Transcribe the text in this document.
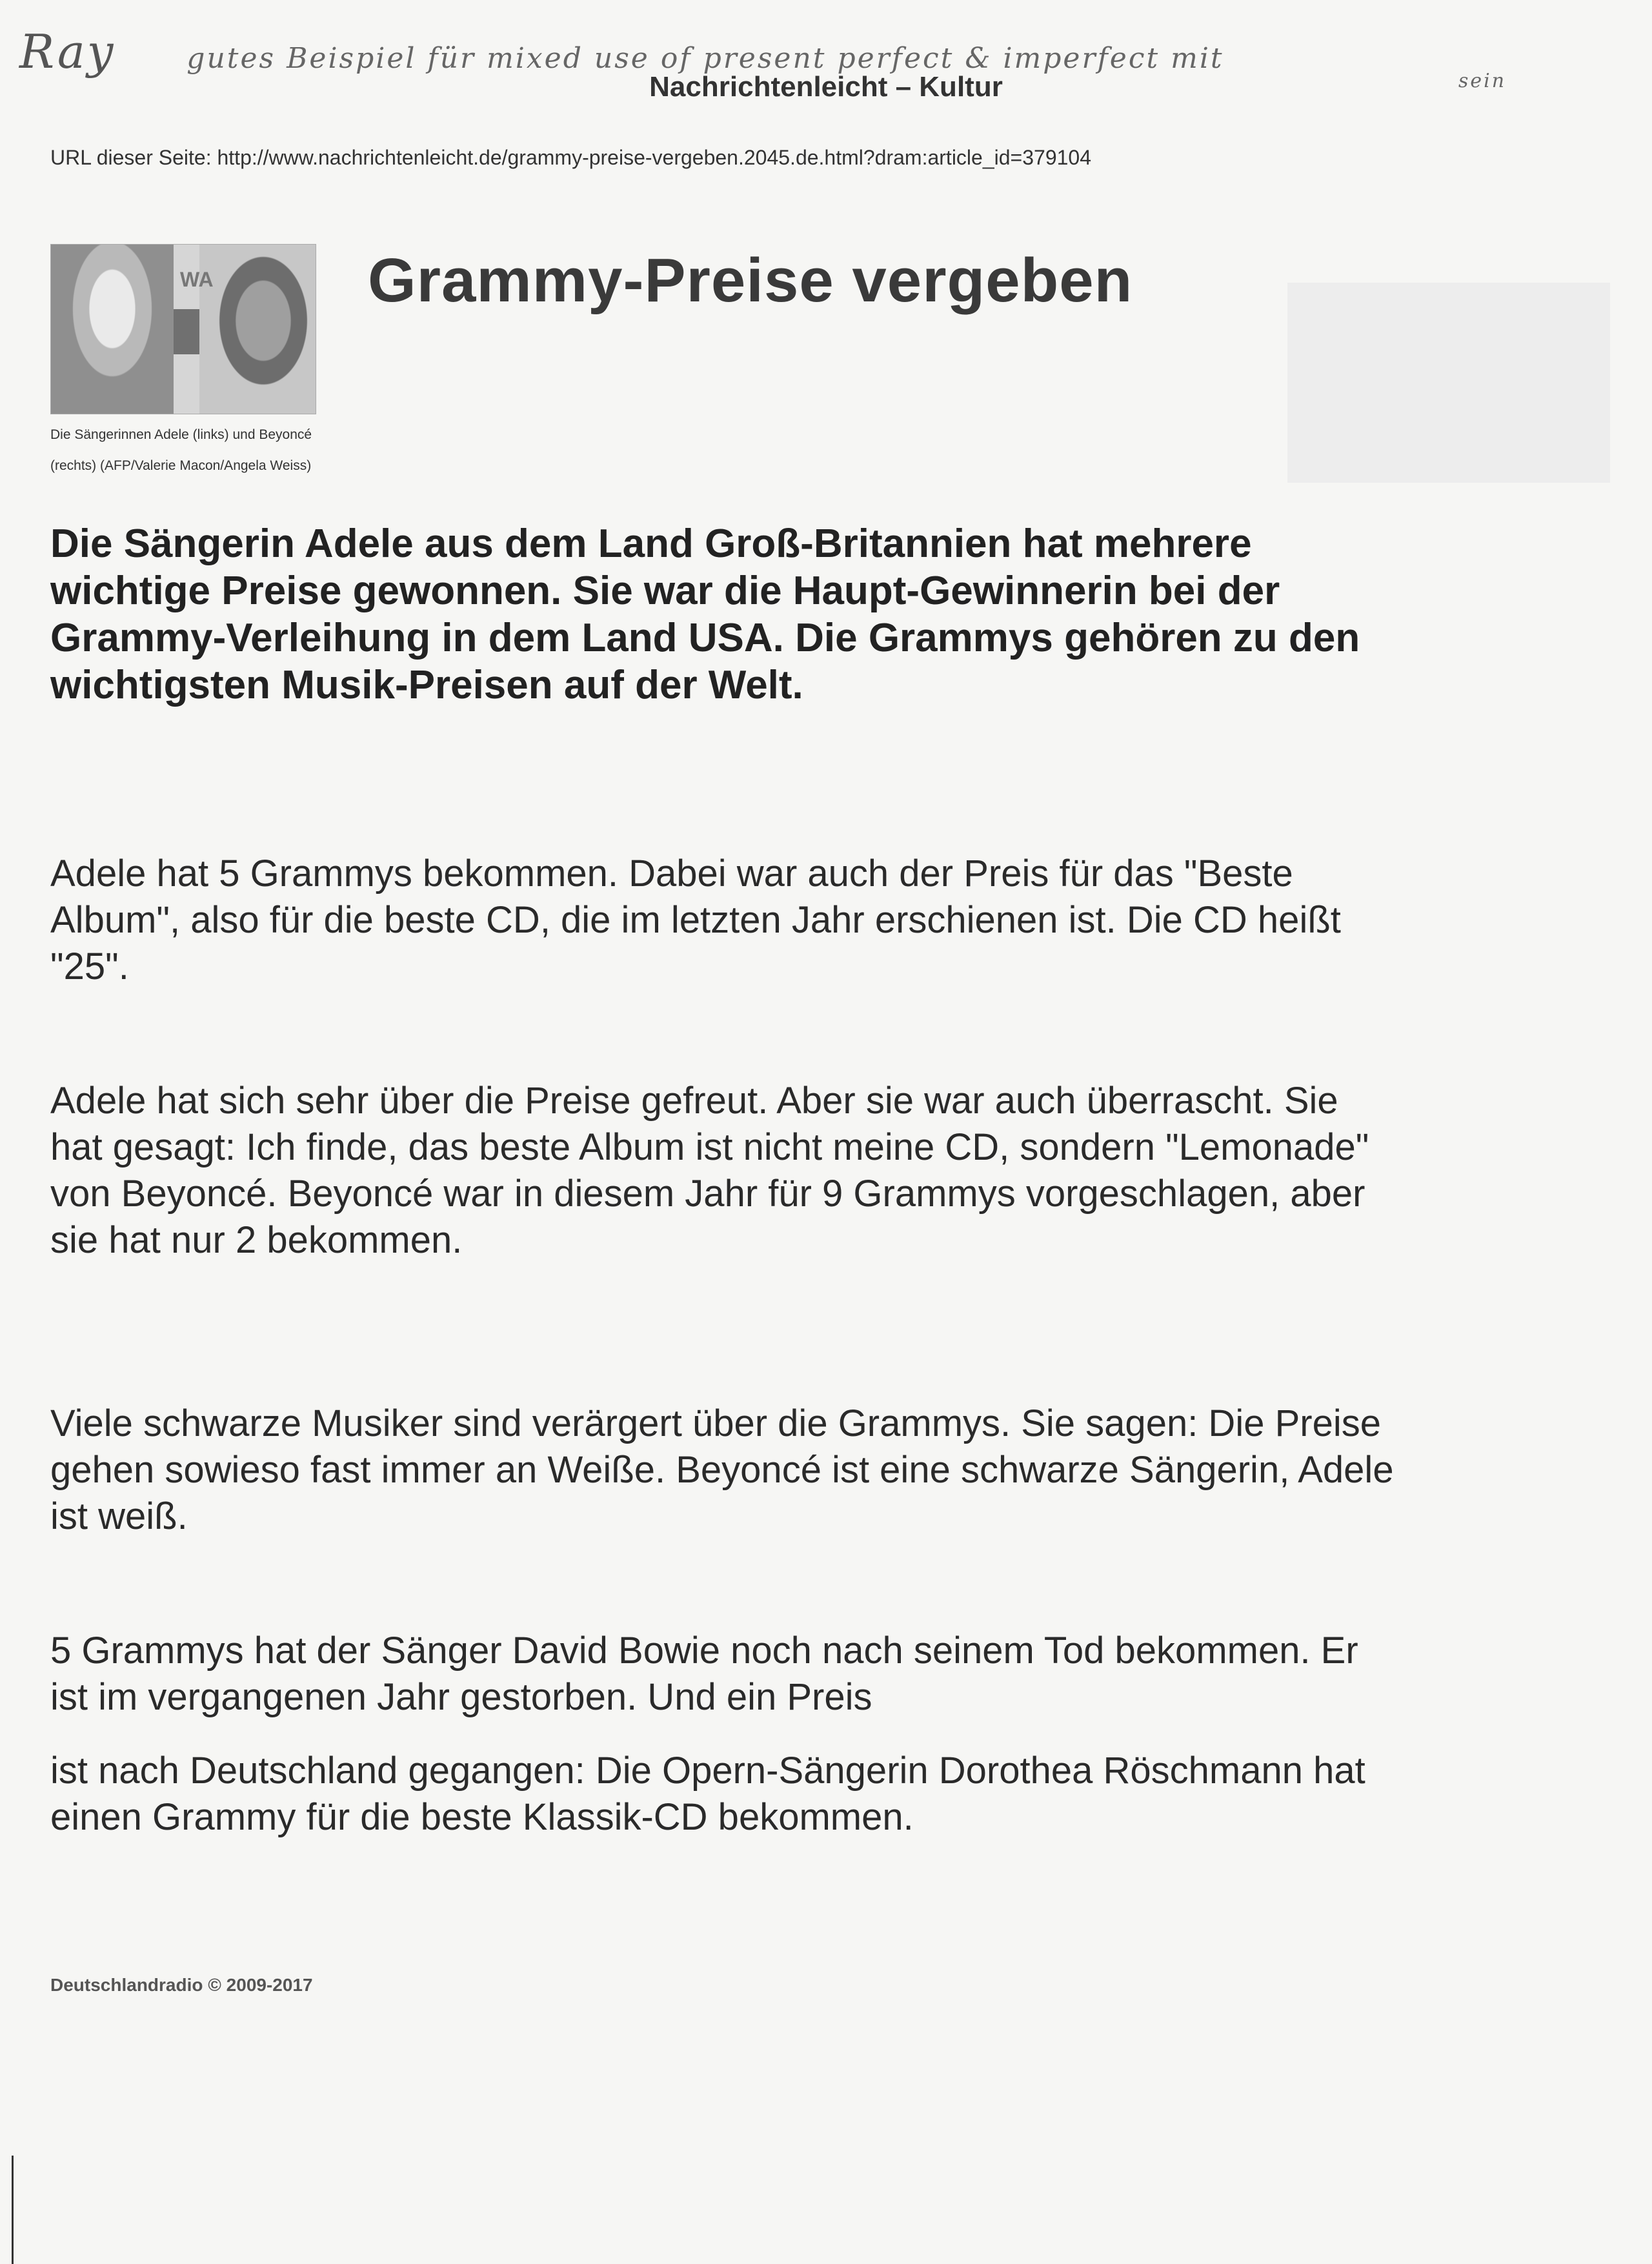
Ray	gutes Beispiel für mixed use of present perfect & imperfect mit
sein
Nachrichtenleicht – Kultur
URL dieser Seite: http://www.nachrichtenleicht.de/grammy-preise-vergeben.2045.de.html?dram:article_id=379104
WA
Die Sängerinnen Adele (links) und Beyoncé (rechts) (AFP/Valerie Macon/Angela Weiss)
Grammy-Preise vergeben

Die Sängerin Adele aus dem Land Groß-Britannien hat mehrere wichtige Preise gewonnen. Sie war die Haupt-Gewinnerin bei der Grammy-Verleihung in dem Land USA. Die Grammys gehören zu den wichtigsten Musik-Preisen auf der Welt.

Adele hat 5 Grammys bekommen. Dabei war auch der Preis für das "Beste Album", also für die beste CD, die im letzten Jahr erschienen ist. Die CD heißt "25".

Adele hat sich sehr über die Preise gefreut. Aber sie war auch überrascht. Sie hat gesagt: Ich finde, das beste Album ist nicht meine CD, sondern "Lemonade" von Beyoncé. Beyoncé war in diesem Jahr für 9 Grammys vorgeschlagen, aber sie hat nur 2 bekommen.

Viele schwarze Musiker sind verärgert über die Grammys. Sie sagen: Die Preise gehen sowieso fast immer an Weiße. Beyoncé ist eine schwarze Sängerin, Adele ist weiß.

5 Grammys hat der Sänger David Bowie noch nach seinem Tod bekommen. Er ist im vergangenen Jahr gestorben. Und ein Preis

ist nach Deutschland gegangen: Die Opern-Sängerin Dorothea Röschmann hat einen Grammy für die beste Klassik-CD bekommen.

Deutschlandradio © 2009-2017
